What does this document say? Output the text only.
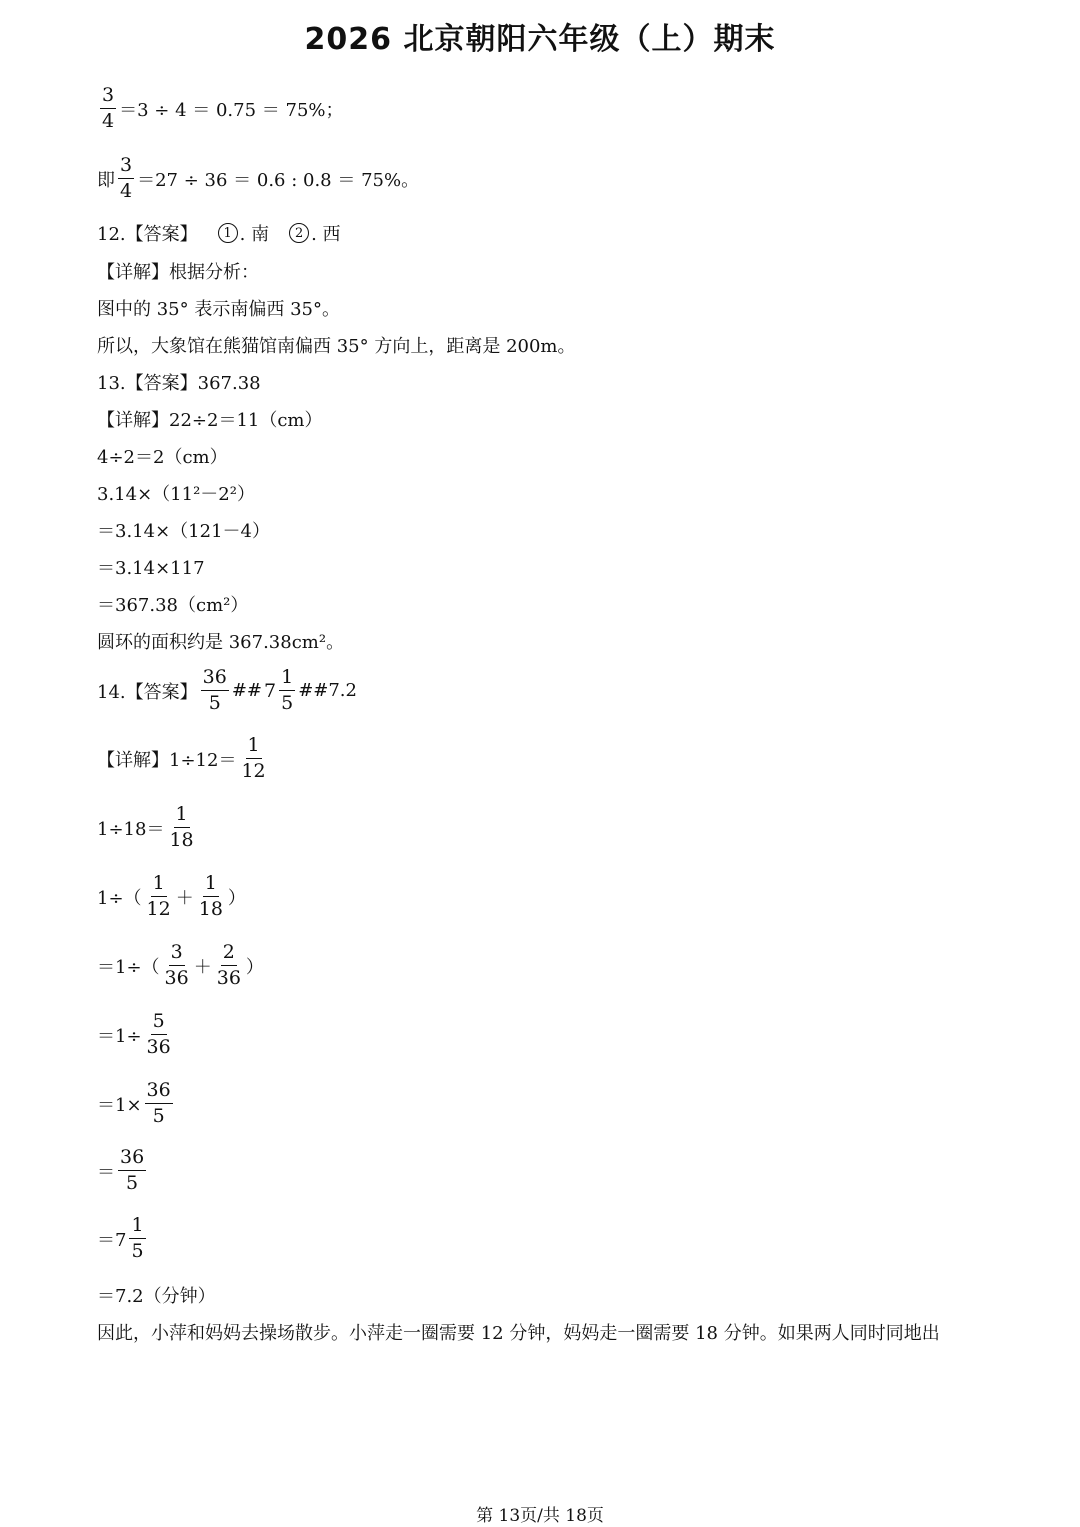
2026 北京朝阳六年级（上）期末
$\frac{3}{4} =3 \div 4 = 0.75 = 75\%$；
即 $\frac{3}{4} =27 \div 36 = 0.6$ : 0.8 ＝ 75%。
12.【答案】	1 . 南	2 . 西
【详解】根据分析：
图中的 35° 表示南偏西 35°。
所以，大象馆在熊猫馆南偏西 35° 方向上，距离是 200m。
13.【答案】367.38
【详解】22÷2＝11（cm）
4÷2＝2（cm）
3.14×（11²－2²）
＝3.14×（121－4）
＝3.14×117
＝367.38（cm²）
圆环的面积约是 367.38cm²。
14.【答案】 $\frac{36}{5}$ ## $7 \frac{1}{5}$ ##7.2
【详解】$1\div 12= \frac{1}{12}$
$1\div 18= \frac{1}{18}$
$1\div( \frac{1}{12} + \frac{1}{18}$ ）
$=1\div( \frac{3}{36} + \frac{2}{36}$ ）
$=1\div \frac{5}{36}$
$=1\times \frac{36}{5}$
＝ $\frac{36}{5}$
$=7 \frac{1}{5}$
＝7.2（分钟）
因此，小萍和妈妈去操场散步。小萍走一圈需要 12 分钟，妈妈走一圈需要 18 分钟。如果两人同时同地出
第 13页/共 18页
